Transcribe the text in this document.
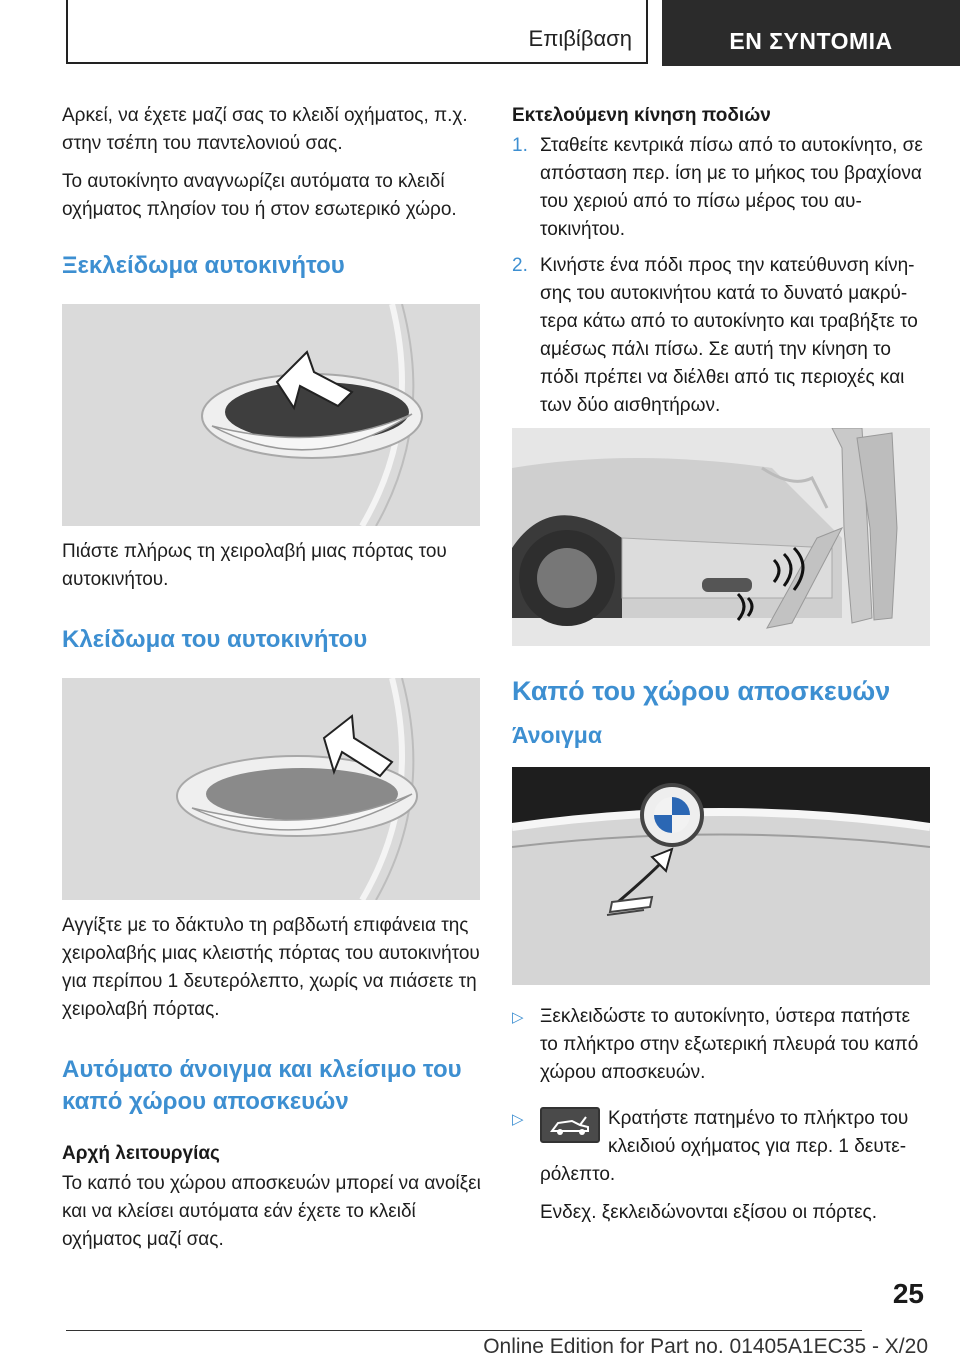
Επιβίβαση	ΕΝ ΣΥΝΤΟΜΙΑ

Αρκεί, να έχετε μαζί σας το κλειδί οχήματος, π.χ. στην τσέπη του παντελονιού σας.

Το αυτοκίνητο αναγνωρίζει αυτόματα το κλειδί οχήματος πλησίον του ή στον εσωτερικό χώρο.

Ξεκλείδωμα αυτοκινήτου

Πιάστε πλήρως τη χειρολαβή μιας πόρτας του αυτοκινήτου.

Κλείδωμα του αυτοκινήτου

Αγγίξτε με το δάκτυλο τη ραβδωτή επιφάνεια της χειρολαβής μιας κλειστής πόρτας του αυτοκινήτου για περίπου 1 δευτερόλεπτο, χωρίς να πιάσετε τη χειρολαβή πόρτας.

Αυτόματο άνοιγμα και κλείσιμο του καπό χώρου αποσκευών
Αρχή λειτουργίας

Το καπό του χώρου αποσκευών μπορεί να ανοίξει και να κλείσει αυτόματα εάν έχετε το κλειδί οχήματος μαζί σας.

Εκτελούμενη κίνηση ποδιών
1. Σταθείτε κεντρικά πίσω από το αυτοκίνητο, σε απόσταση περ. ίση με το μήκος του βραχίονα του χεριού από το πίσω μέρος του αυτοκινήτου.
2. Κινήστε ένα πόδι προς την κατεύθυνση κίνησης του αυτοκινήτου κατά το δυνατό μακρύτερα κάτω από το αυτοκίνητο και τραβήξτε το αμέσως πάλι πίσω. Σε αυτή την κίνηση το πόδι πρέπει να διέλθει από τις περιοχές και των δύο αισθητήρων.
Καπό του χώρου αποσκευών
Άνοιγμα
▷ Ξεκλειδώστε το αυτοκίνητο, ύστερα πατήστε το πλήκτρο στην εξωτερική πλευρά του καπό χώρου αποσκευών.
▷	Κρατήστε πατημένο το πλήκτρο του κλειδιού οχήματος για περ. 1 δευτερόλεπτο.

Ενδεχ. ξεκλειδώνονται εξίσου οι πόρτες.

25
Online Edition for Part no. 01405A1EC35 - X/20
